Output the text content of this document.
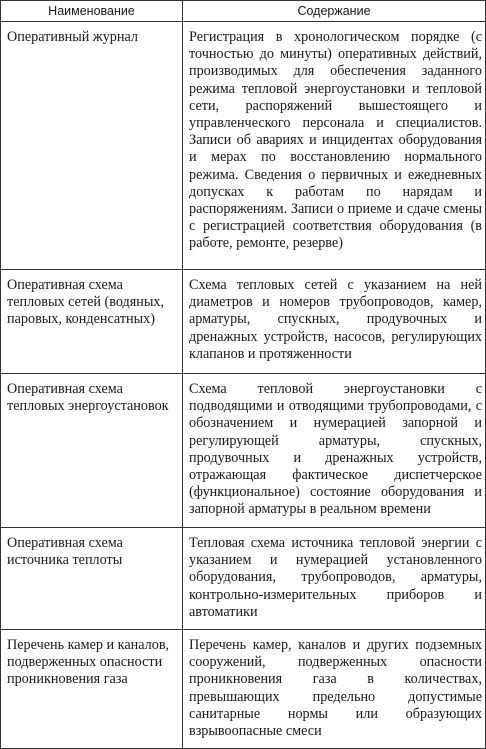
Наименование	Содержание
Оперативный журнал	Регистрация в хронологическом порядке (с точностью до минуты) оперативных действий, производимых для обеспечения заданного режима тепловой энергоустановки и тепловой сети, распоряжений вышестоящего и управленческого персонала и специалистов. Записи об авариях и инцидентах оборудования и мерах по восстановлению нормального режима. Сведения о первичных и ежедневных допусках к работам по нарядам и распоряжениям. Записи о приеме и сдаче смены с регистрацией соответствия оборудования (в работе, ремонте, резерве)
Оперативная схема тепловых сетей (водяных, паровых, конденсатных)	Схема тепловых сетей с указанием на ней диаметров и номеров трубопроводов, камер, арматуры, спускных, продувочных и дренажных устройств, насосов, регулирующих клапанов и протяженности
Оперативная схема тепловых энергоустановок	Схема тепловой энергоустановки с подводящими и отводящими трубопроводами, с обозначением и нумерацией запорной и регулирующей арматуры, спускных, продувочных и дренажных устройств, отражающая фактическое диспетчерское (функциональное) состояние оборудования и запорной арматуры в реальном времени
Оперативная схема источника теплоты	Тепловая схема источника тепловой энергии с указанием и нумерацией установленного оборудования, трубопроводов, арматуры, контрольно-измерительных приборов и автоматики
Перечень камер и каналов, подверженных опасности проникновения газа	Перечень камер, каналов и других подземных сооружений, подверженных опасности проникновения газа в количествах, превышающих предельно допустимые санитарные нормы или образующих взрывоопасные смеси
